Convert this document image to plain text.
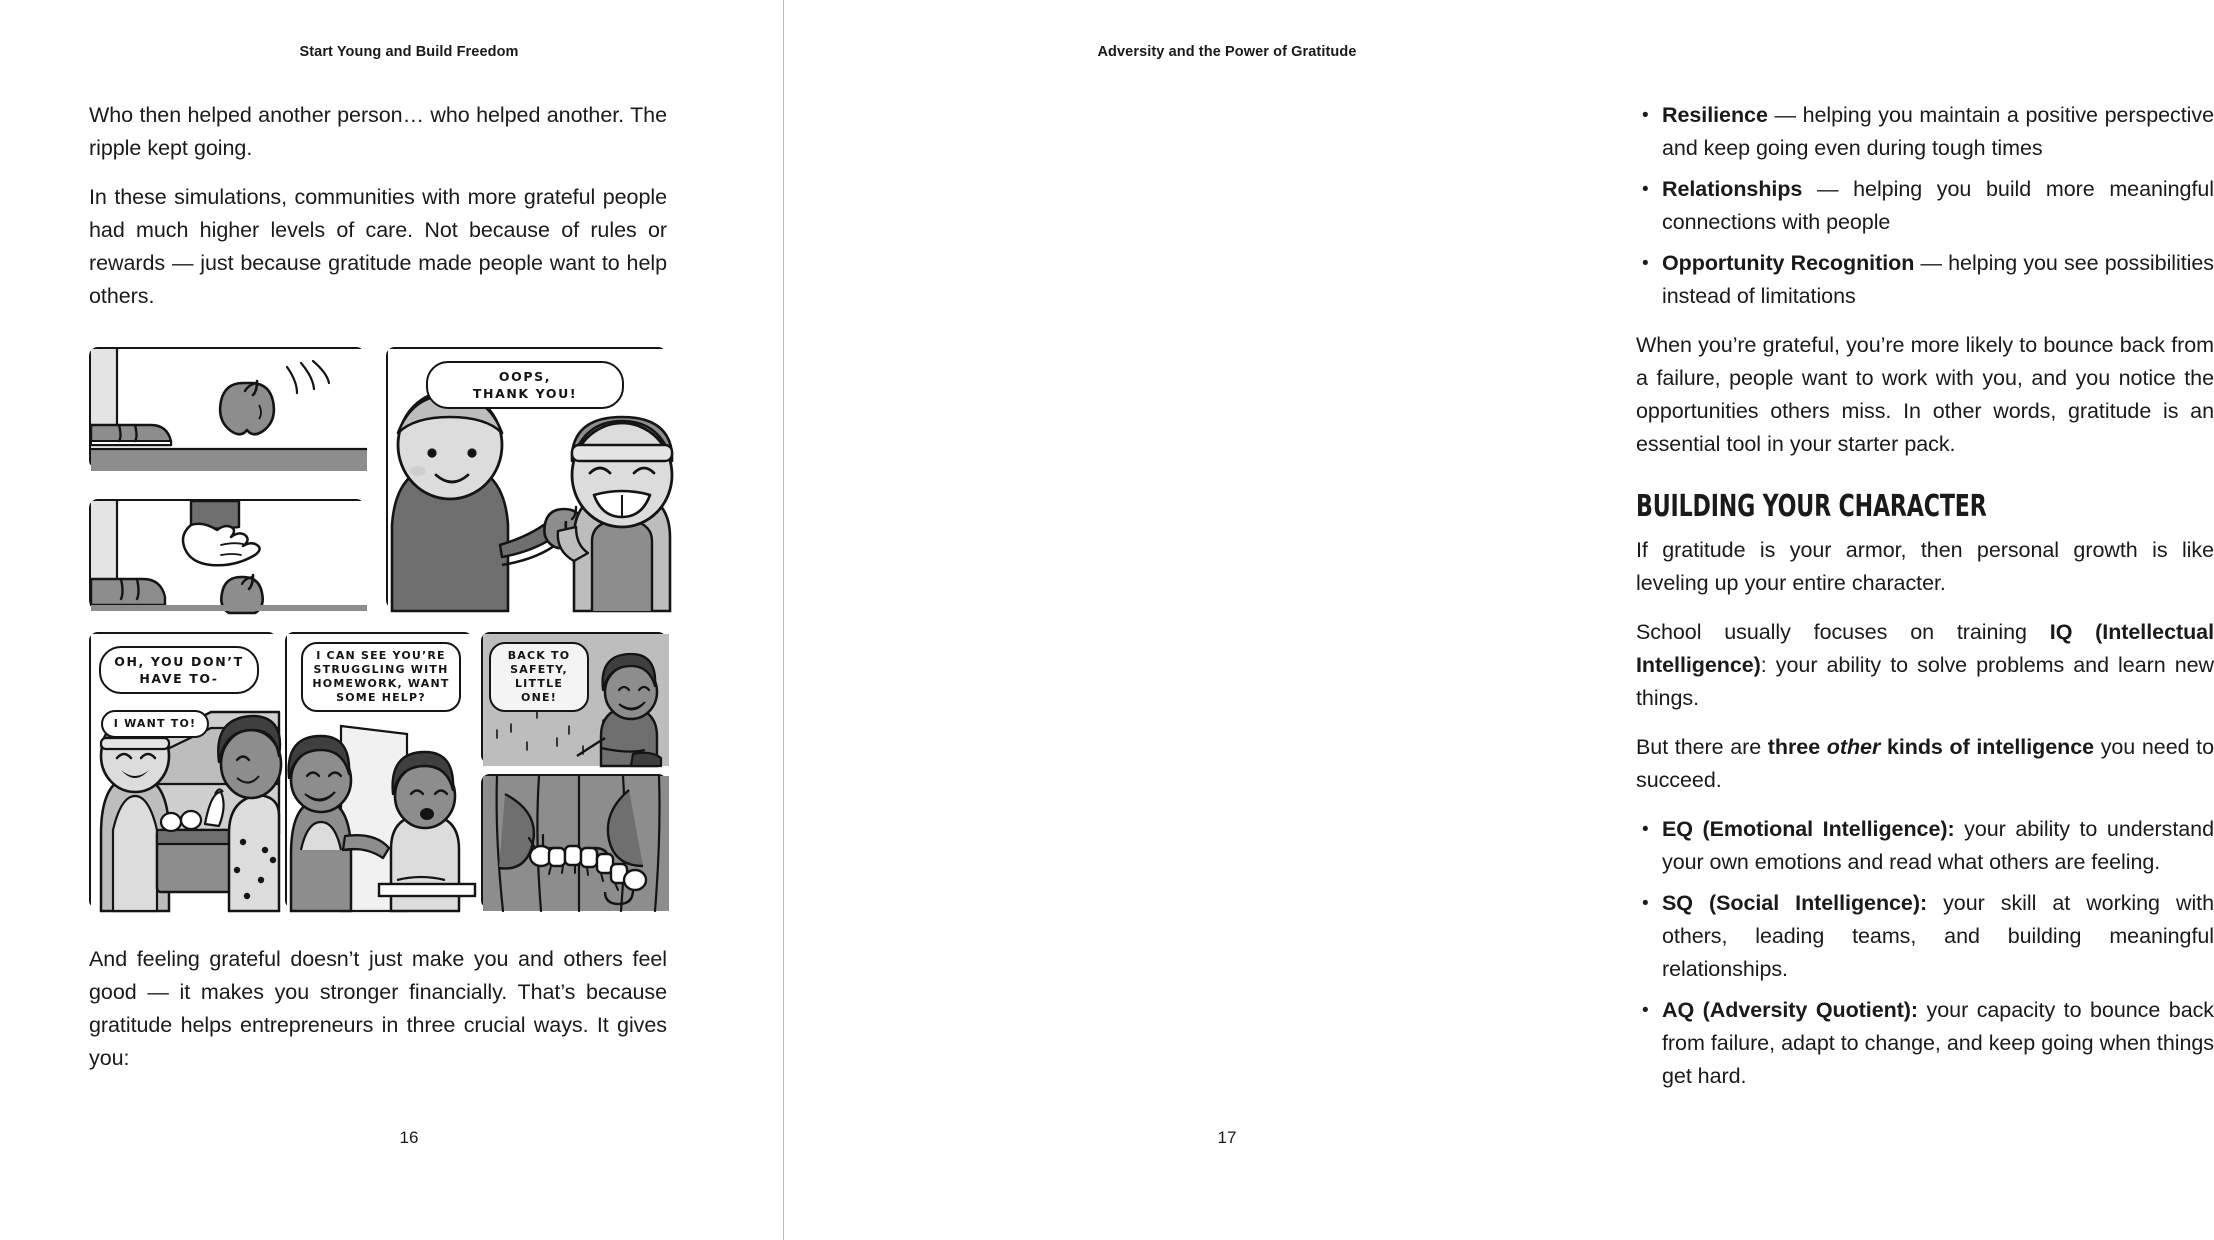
Start Young and Build Freedom

Who then helped another person… who helped another. The ripple kept going.

In these simulations, communities with more grateful people had much higher levels of care. Not because of rules or rewards — just because gratitude made people want to help others.

OOPS,
THANK YOU!
OH, YOU DON’T
HAVE TO-
I WANT TO!
I CAN SEE YOU’RE
STRUGGLING WITH
HOMEWORK, WANT
SOME HELP?
BACK TO
SAFETY,
LITTLE ONE!

And feeling grateful doesn’t just make you and others feel good — it makes you stronger financially. That’s because gratitude helps entrepreneurs in three crucial ways. It gives you:

16
Adversity and the Power of Gratitude
• Resilience — helping you maintain a positive perspective and keep going even during tough times
• Relationships — helping you build more meaningful connections with people
• Opportunity Recognition — helping you see possibilities instead of limitations

When you’re grateful, you’re more likely to bounce back from a failure, people want to work with you, and you notice the opportunities others miss. In other words, gratitude is an essential tool in your starter pack.

BUILDING YOUR CHARACTER

If gratitude is your armor, then personal growth is like leveling up your entire character.

School usually focuses on training IQ (Intellectual Intelligence): your ability to solve problems and learn new things.

But there are three other kinds of intelligence you need to succeed.

• EQ (Emotional Intelligence): your ability to understand your own emotions and read what others are feeling.
• SQ (Social Intelligence): your skill at working with others, leading teams, and building meaningful relationships.
• AQ (Adversity Quotient): your capacity to bounce back from failure, adapt to change, and keep going when things get hard.
17
